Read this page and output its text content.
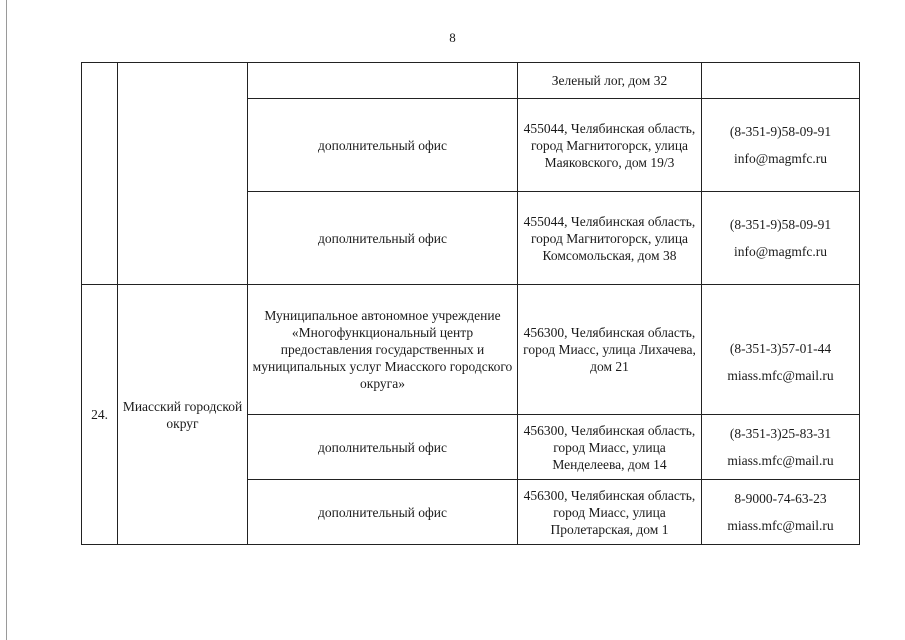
8
			Зеленый лог, дом 32	
		дополнительный офис	455044, Челябинская область, город Магнитогорск, улица Маяковского, дом 19/3	(8-351-9)58-09-91
info@magmfc.ru

		дополнительный офис	455044, Челябинская область, город Магнитогорск, улица Комсомольская, дом 38	(8-351-9)58-09-91
info@magmfc.ru

24.	Миасский городской округ	Муниципальное автономное учреждение «Многофункциональный центр предоставления государственных и муниципальных услуг Миасского городского округа»	456300, Челябинская область, город Миасс, улица Лихачева, дом 21	(8-351-3)57-01-44
miass.mfc@mail.ru

		дополнительный офис	456300, Челябинская область, город Миасс, улица Менделеева, дом 14	(8-351-3)25-83-31
miass.mfc@mail.ru

		дополнительный офис	456300, Челябинская область, город Миасс, улица Пролетарская, дом 1	8-9000-74-63-23
miass.mfc@mail.ru
